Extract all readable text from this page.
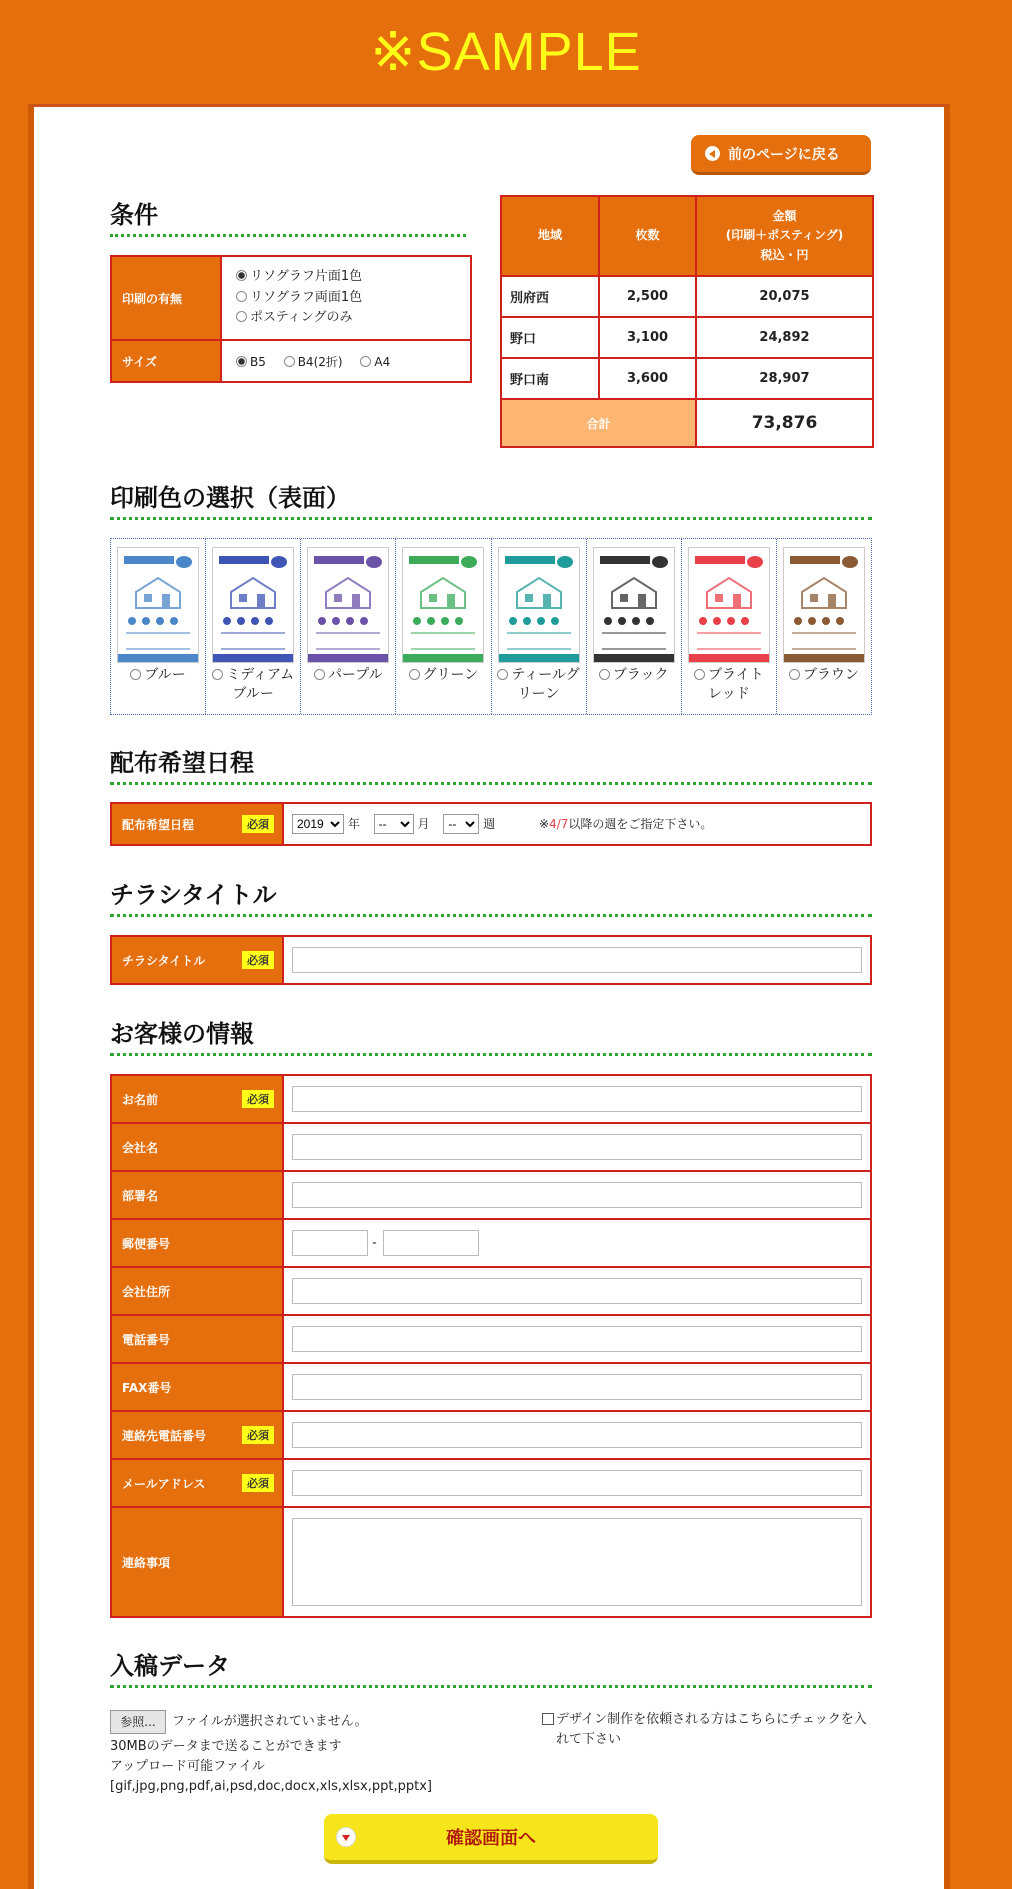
※SAMPLE
前のページに戻る
条件
印刷の有無	リソグラフ片面1色
リソグラフ両面1色
ポスティングのみ

サイズ	B5 B4(2折) A4
地域	枚数	金額
(印刷＋ポスティング)
税込・円
別府西	2,500	20,075
野口	3,100	24,892
野口南	3,600	28,907
合計		73,876
印刷色の選択（表面）
ブルー	ミディアム
ブルー
パープル	グリーン	ティールグ
リーン
ブラック	ブライト
レッド
ブラウン
配布希望日程
配布希望日程	必須

2019年
--	月
--	週	※4/7以降の週をご指定下さい。
チラシタイトル
チラシタイトル	必須

お客様の情報
お名前 必須	

会社名	

部署名	

郵便番号	-
会社住所	

電話番号	

FAX番号	

連絡先電話番号 必須	

メールアドレス 必須	

連絡事項	
入稿データ
参照...	ファイルが選択されていません。
30MBのデータまで送ることができます
アップロード可能ファイル
[gif,jpg,png,pdf,ai,psd,doc,docx,xls,xlsx,ppt,pptx]
デザイン制作を依頼される方はこちらにチェックを入れて下さい
確認画面へ
